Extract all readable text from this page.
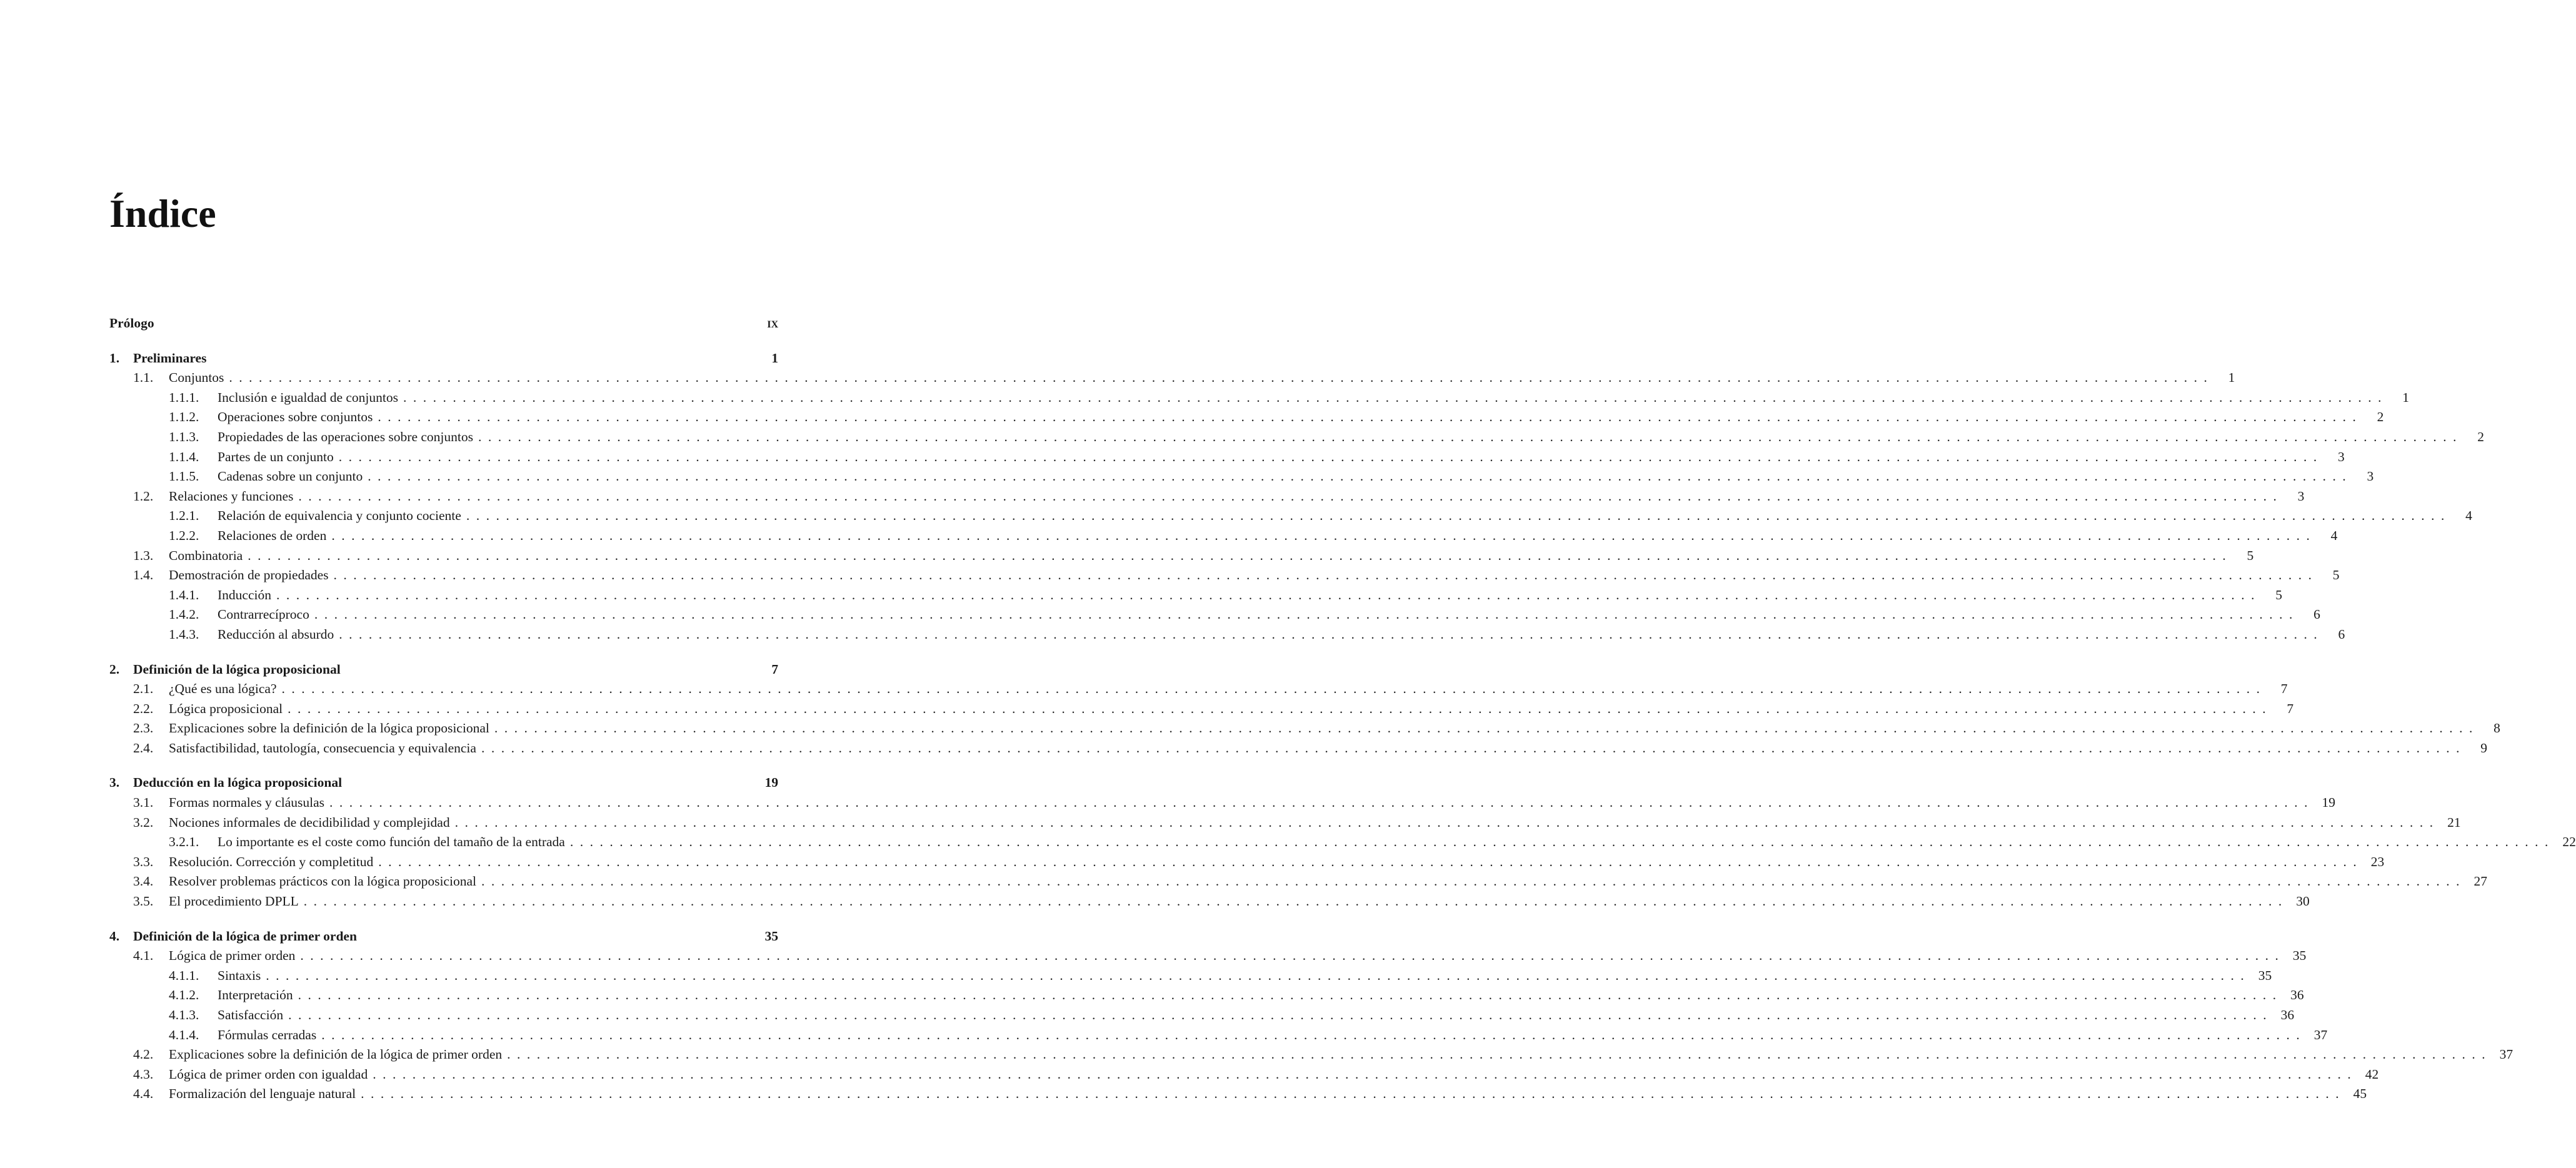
Índice
Prólogo	IX
1.	Preliminares	1
1.1.	Conjuntos ........................................................................................................................................................................................................	1
1.1.1.	Inclusión e igualdad de conjuntos ........................................................................................................................................................................................................	1
1.1.2.	Operaciones sobre conjuntos ........................................................................................................................................................................................................	2
1.1.3.	Propiedades de las operaciones sobre conjuntos ........................................................................................................................................................................................................	2
1.1.4.	Partes de un conjunto ........................................................................................................................................................................................................	3
1.1.5.	Cadenas sobre un conjunto ........................................................................................................................................................................................................	3
1.2.	Relaciones y funciones ........................................................................................................................................................................................................	3
1.2.1.	Relación de equivalencia y conjunto cociente ........................................................................................................................................................................................................	4
1.2.2.	Relaciones de orden ........................................................................................................................................................................................................	4
1.3.	Combinatoria ........................................................................................................................................................................................................	5
1.4.	Demostración de propiedades ........................................................................................................................................................................................................	5
1.4.1.	Inducción ........................................................................................................................................................................................................	5
1.4.2.	Contrarrecíproco ........................................................................................................................................................................................................	6
1.4.3.	Reducción al absurdo ........................................................................................................................................................................................................	6
2.	Definición de la lógica proposicional	7
2.1.	¿Qué es una lógica? ........................................................................................................................................................................................................	7
2.2.	Lógica proposicional ........................................................................................................................................................................................................	7
2.3.	Explicaciones sobre la definición de la lógica proposicional ........................................................................................................................................................................................................	8
2.4.	Satisfactibilidad, tautología, consecuencia y equivalencia ........................................................................................................................................................................................................	9
3.	Deducción en la lógica proposicional	19
3.1.	Formas normales y cláusulas ........................................................................................................................................................................................................ 19
3.2.	Nociones informales de decidibilidad y complejidad ........................................................................................................................................................................................................ 21
3.2.1.	Lo importante es el coste como función del tamaño de la entrada ........................................................................................................................................................................................................ 22
3.3.	Resolución. Corrección y completitud ........................................................................................................................................................................................................ 23
3.4.	Resolver problemas prácticos con la lógica proposicional ........................................................................................................................................................................................................ 27
3.5.	El procedimiento DPLL ........................................................................................................................................................................................................ 30
4.	Definición de la lógica de primer orden	35
4.1.	Lógica de primer orden ........................................................................................................................................................................................................ 35
4.1.1.	Sintaxis ........................................................................................................................................................................................................ 35
4.1.2.	Interpretación ........................................................................................................................................................................................................ 36
4.1.3.	Satisfacción ........................................................................................................................................................................................................ 36
4.1.4.	Fórmulas cerradas ........................................................................................................................................................................................................ 37
4.2.	Explicaciones sobre la definición de la lógica de primer orden ........................................................................................................................................................................................................ 37
4.3.	Lógica de primer orden con igualdad ........................................................................................................................................................................................................ 42
4.4.	Formalización del lenguaje natural ........................................................................................................................................................................................................ 45
